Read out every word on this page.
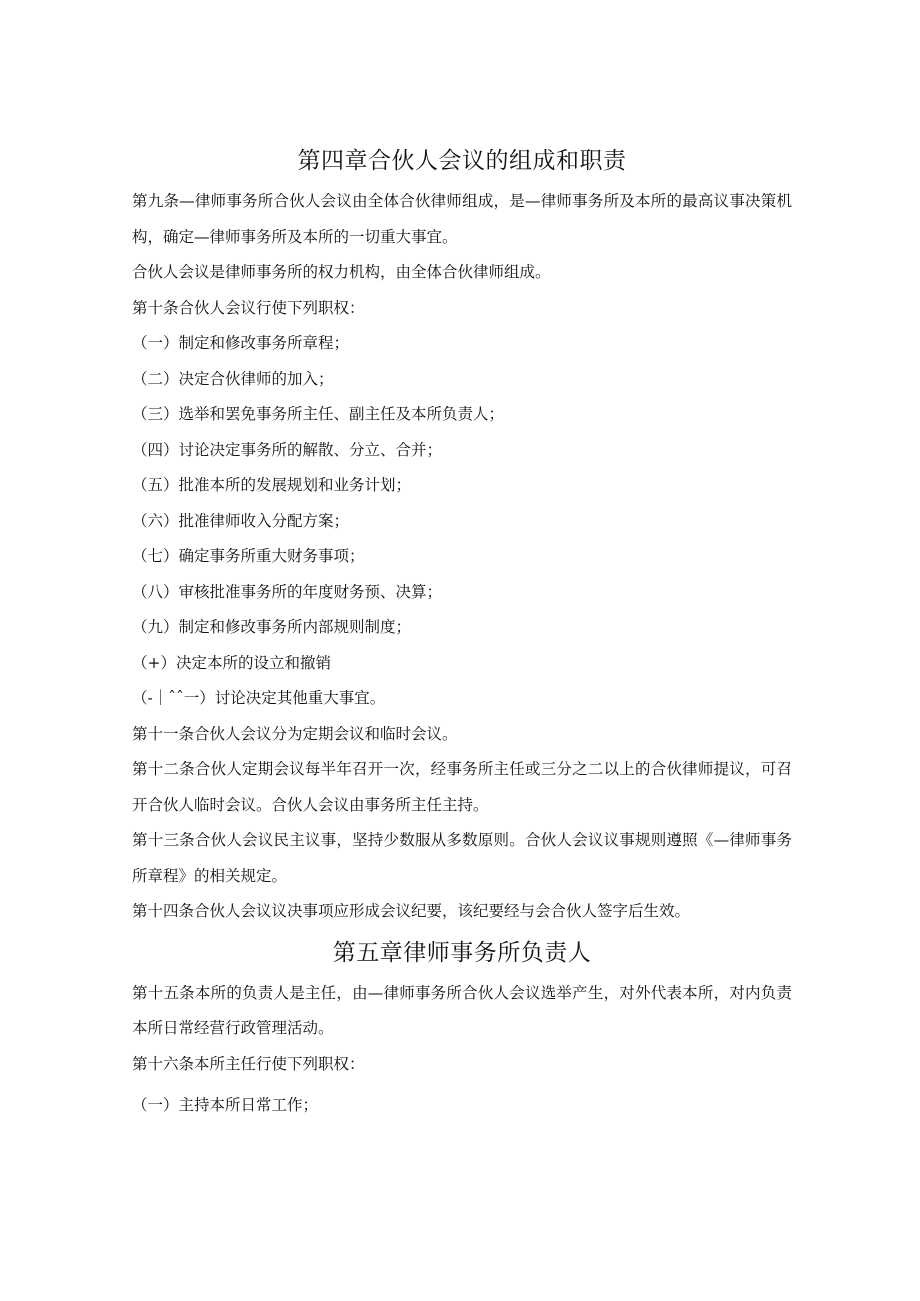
第四章合伙人会议的组成和职责

第九条—律师事务所合伙人会议由全体合伙律师组成，是—律师事务所及本所的最高议事决策机构，确定—律师事务所及本所的一切重大事宜。

合伙人会议是律师事务所的权力机构，由全体合伙律师组成。

第十条合伙人会议行使下列职权：

（一）制定和修改事务所章程；

（二）决定合伙律师的加入；

（三）选举和罢免事务所主任、副主任及本所负责人；

（四）讨论决定事务所的解散、分立、合并；

（五）批准本所的发展规划和业务计划；

（六）批准律师收入分配方案；

（七）确定事务所重大财务事项；

（八）审核批准事务所的年度财务预、决算；

（九）制定和修改事务所内部规则制度；

（+）决定本所的设立和撤销

（-｜ˆˆ一）讨论决定其他重大事宜。

第十一条合伙人会议分为定期会议和临时会议。

第十二条合伙人定期会议每半年召开一次，经事务所主任或三分之二以上的合伙律师提议，可召开合伙人临时会议。合伙人会议由事务所主任主持。

第十三条合伙人会议民主议事，坚持少数服从多数原则。合伙人会议议事规则遵照《—律师事务所章程》的相关规定。

第十四条合伙人会议议决事项应形成会议纪要，该纪要经与会合伙人签字后生效。

第五章律师事务所负责人

第十五条本所的负责人是主任，由—律师事务所合伙人会议选举产生，对外代表本所，对内负责本所日常经营行政管理活动。

第十六条本所主任行使下列职权：

（一）主持本所日常工作；
